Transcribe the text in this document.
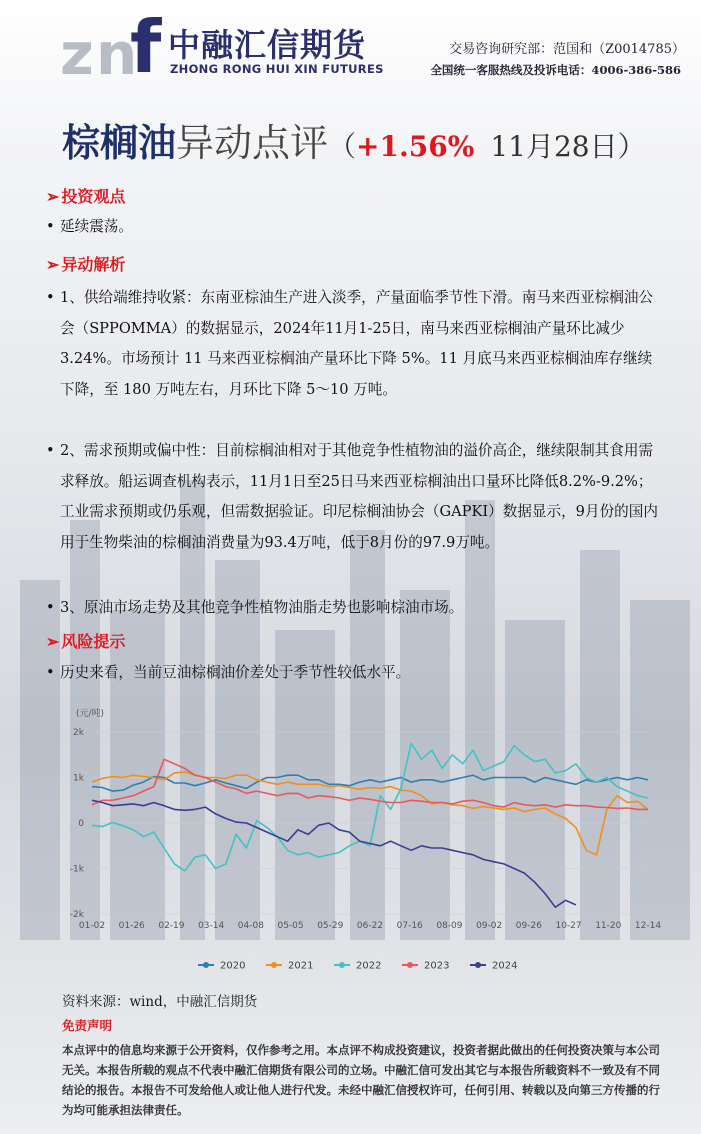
z n
f 中融汇信期货
ZHONG RONG HUI XIN FUTURES
交易咨询研究部：范国和（Z0014785）
全国统一客服热线及投诉电话：4006-386-586
棕榈油异动点评（+1.56% 11月28日）
➢ 投资观点
• 延续震荡。
➢ 异动解析
• 1、供给端维持收紧：东南亚棕油生产进入淡季，产量面临季节性下滑。南马来西亚棕榈油公会（SPPOMMA）的数据显示，2024年11月1-25日，南马来西亚棕榈油产量环比减少3.24%。市场预计 11 马来西亚棕榈油产量环比下降 5%。11 月底马来西亚棕榈油库存继续下降，至 180 万吨左右，月环比下降 5～10 万吨。
• 2、需求预期或偏中性：目前棕榈油相对于其他竞争性植物油的溢价高企，继续限制其食用需求释放。船运调查机构表示，11月1日至25日马来西亚棕榈油出口量环比降低8.2%-9.2%；工业需求预期或仍乐观，但需数据验证。印尼棕榈油协会（GAPKI）数据显示，9月份的国内用于生物柴油的棕榈油消费量为93.4万吨，低于8月份的97.9万吨。
• 3、原油市场走势及其他竞争性植物油脂走势也影响棕油市场。
➢ 风险提示
• 历史来看，当前豆油棕榈油价差处于季节性较低水平。
(元/吨)
2k
1k
0
-1k
-2k
01-02 01-26 02-19 03-14 04-08 05-05 05-29 06-22 07-16 08-09 09-02 09-26 10-27 11-20 12-14
2020	2021	2022	2023	2024
资料来源：wind，中融汇信期货
免责声明
本点评中的信息均来源于公开资料，仅作参考之用。本点评不构成投资建议，投资者据此做出的任何投资决策与本公司无关。本报告所载的观点不代表中融汇信期货有限公司的立场。中融汇信可发出其它与本报告所载资料不一致及有不同结论的报告。本报告不可发给他人或让他人进行代发。未经中融汇信授权许可，任何引用、转载以及向第三方传播的行为均可能承担法律责任。
